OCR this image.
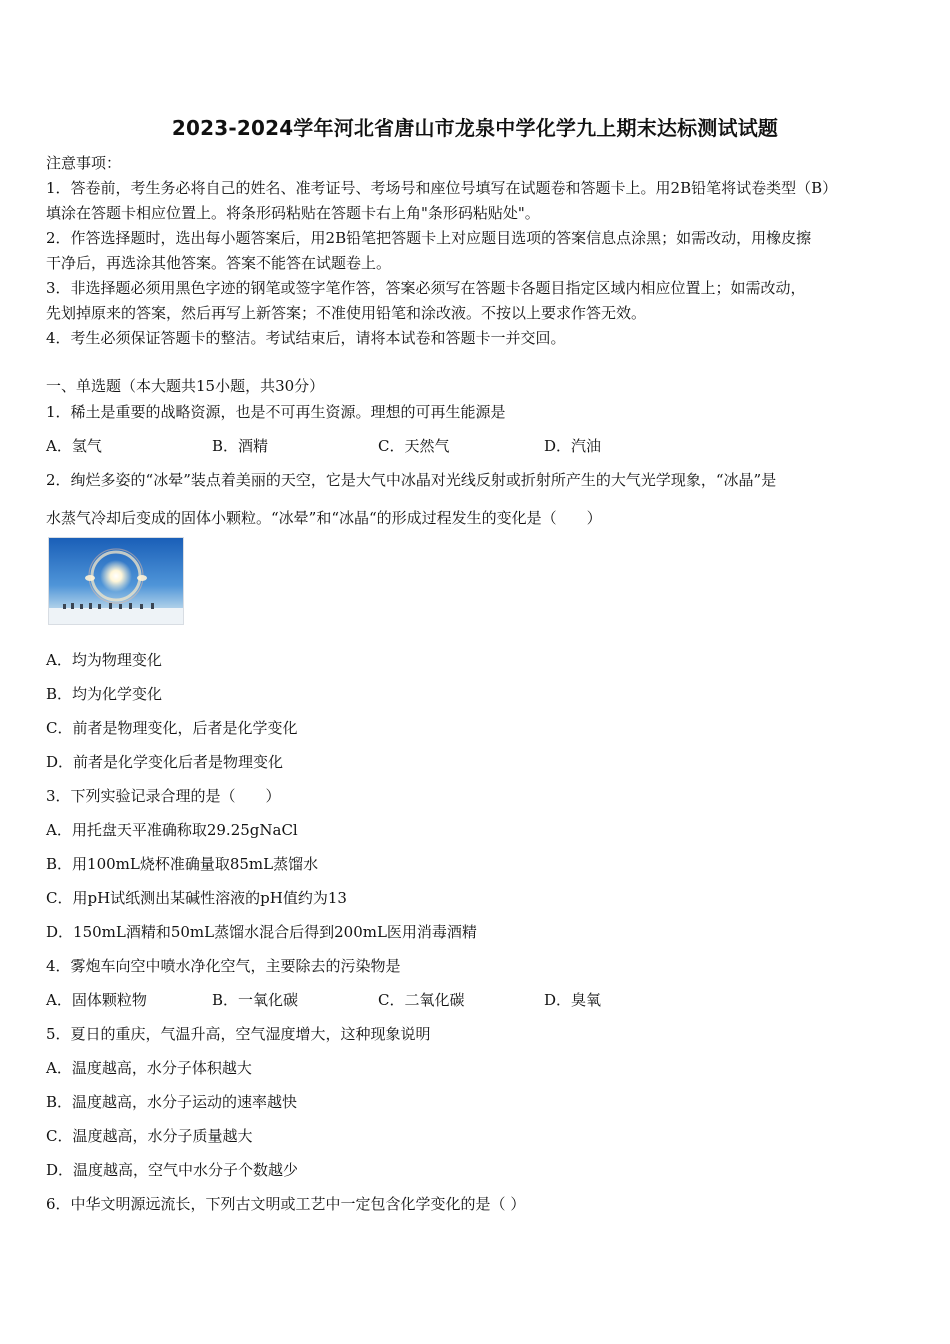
2023-2024学年河北省唐山市龙泉中学化学九上期末达标测试试题
注意事项：
1．答卷前，考生务必将自己的姓名、准考证号、考场号和座位号填写在试题卷和答题卡上。用2B铅笔将试卷类型（B）
填涂在答题卡相应位置上。将条形码粘贴在答题卡右上角"条形码粘贴处"。
2．作答选择题时，选出每小题答案后，用2B铅笔把答题卡上对应题目选项的答案信息点涂黑；如需改动，用橡皮擦
干净后，再选涂其他答案。答案不能答在试题卷上。
3．非选择题必须用黑色字迹的钢笔或签字笔作答，答案必须写在答题卡各题目指定区域内相应位置上；如需改动，
先划掉原来的答案，然后再写上新答案；不准使用铅笔和涂改液。不按以上要求作答无效。
4．考生必须保证答题卡的整洁。考试结束后，请将本试卷和答题卡一并交回。
一、单选题（本大题共15小题，共30分）
1．稀土是重要的战略资源，也是不可再生资源。理想的可再生能源是
A．氢气	B．酒精	C．天然气	D．汽油
2．绚烂多姿的“冰晕”装点着美丽的天空，它是大气中冰晶对光线反射或折射所产生的大气光学现象，“冰晶”是
水蒸气冷却后变成的固体小颗粒。“冰晕”和“冰晶“的形成过程发生的变化是（　　）
A．均为物理变化
B．均为化学变化
C．前者是物理变化，后者是化学变化
D．前者是化学变化后者是物理变化
3．下列实验记录合理的是（　　）
A．用托盘天平准确称取29.25gNaCl
B．用100mL烧杯准确量取85mL蒸馏水
C．用pH试纸测出某碱性溶液的pH值约为13
D．150mL酒精和50mL蒸馏水混合后得到200mL医用消毒酒精
4．雾炮车向空中喷水净化空气，主要除去的污染物是
A．固体颗粒物	B．一氧化碳	C．二氧化碳	D．臭氧
5．夏日的重庆，气温升高，空气湿度增大，这种现象说明
A．温度越高，水分子体积越大
B．温度越高，水分子运动的速率越快
C．温度越高，水分子质量越大
D．温度越高，空气中水分子个数越少
6．中华文明源远流长，下列古文明或工艺中一定包含化学变化的是（ ）
